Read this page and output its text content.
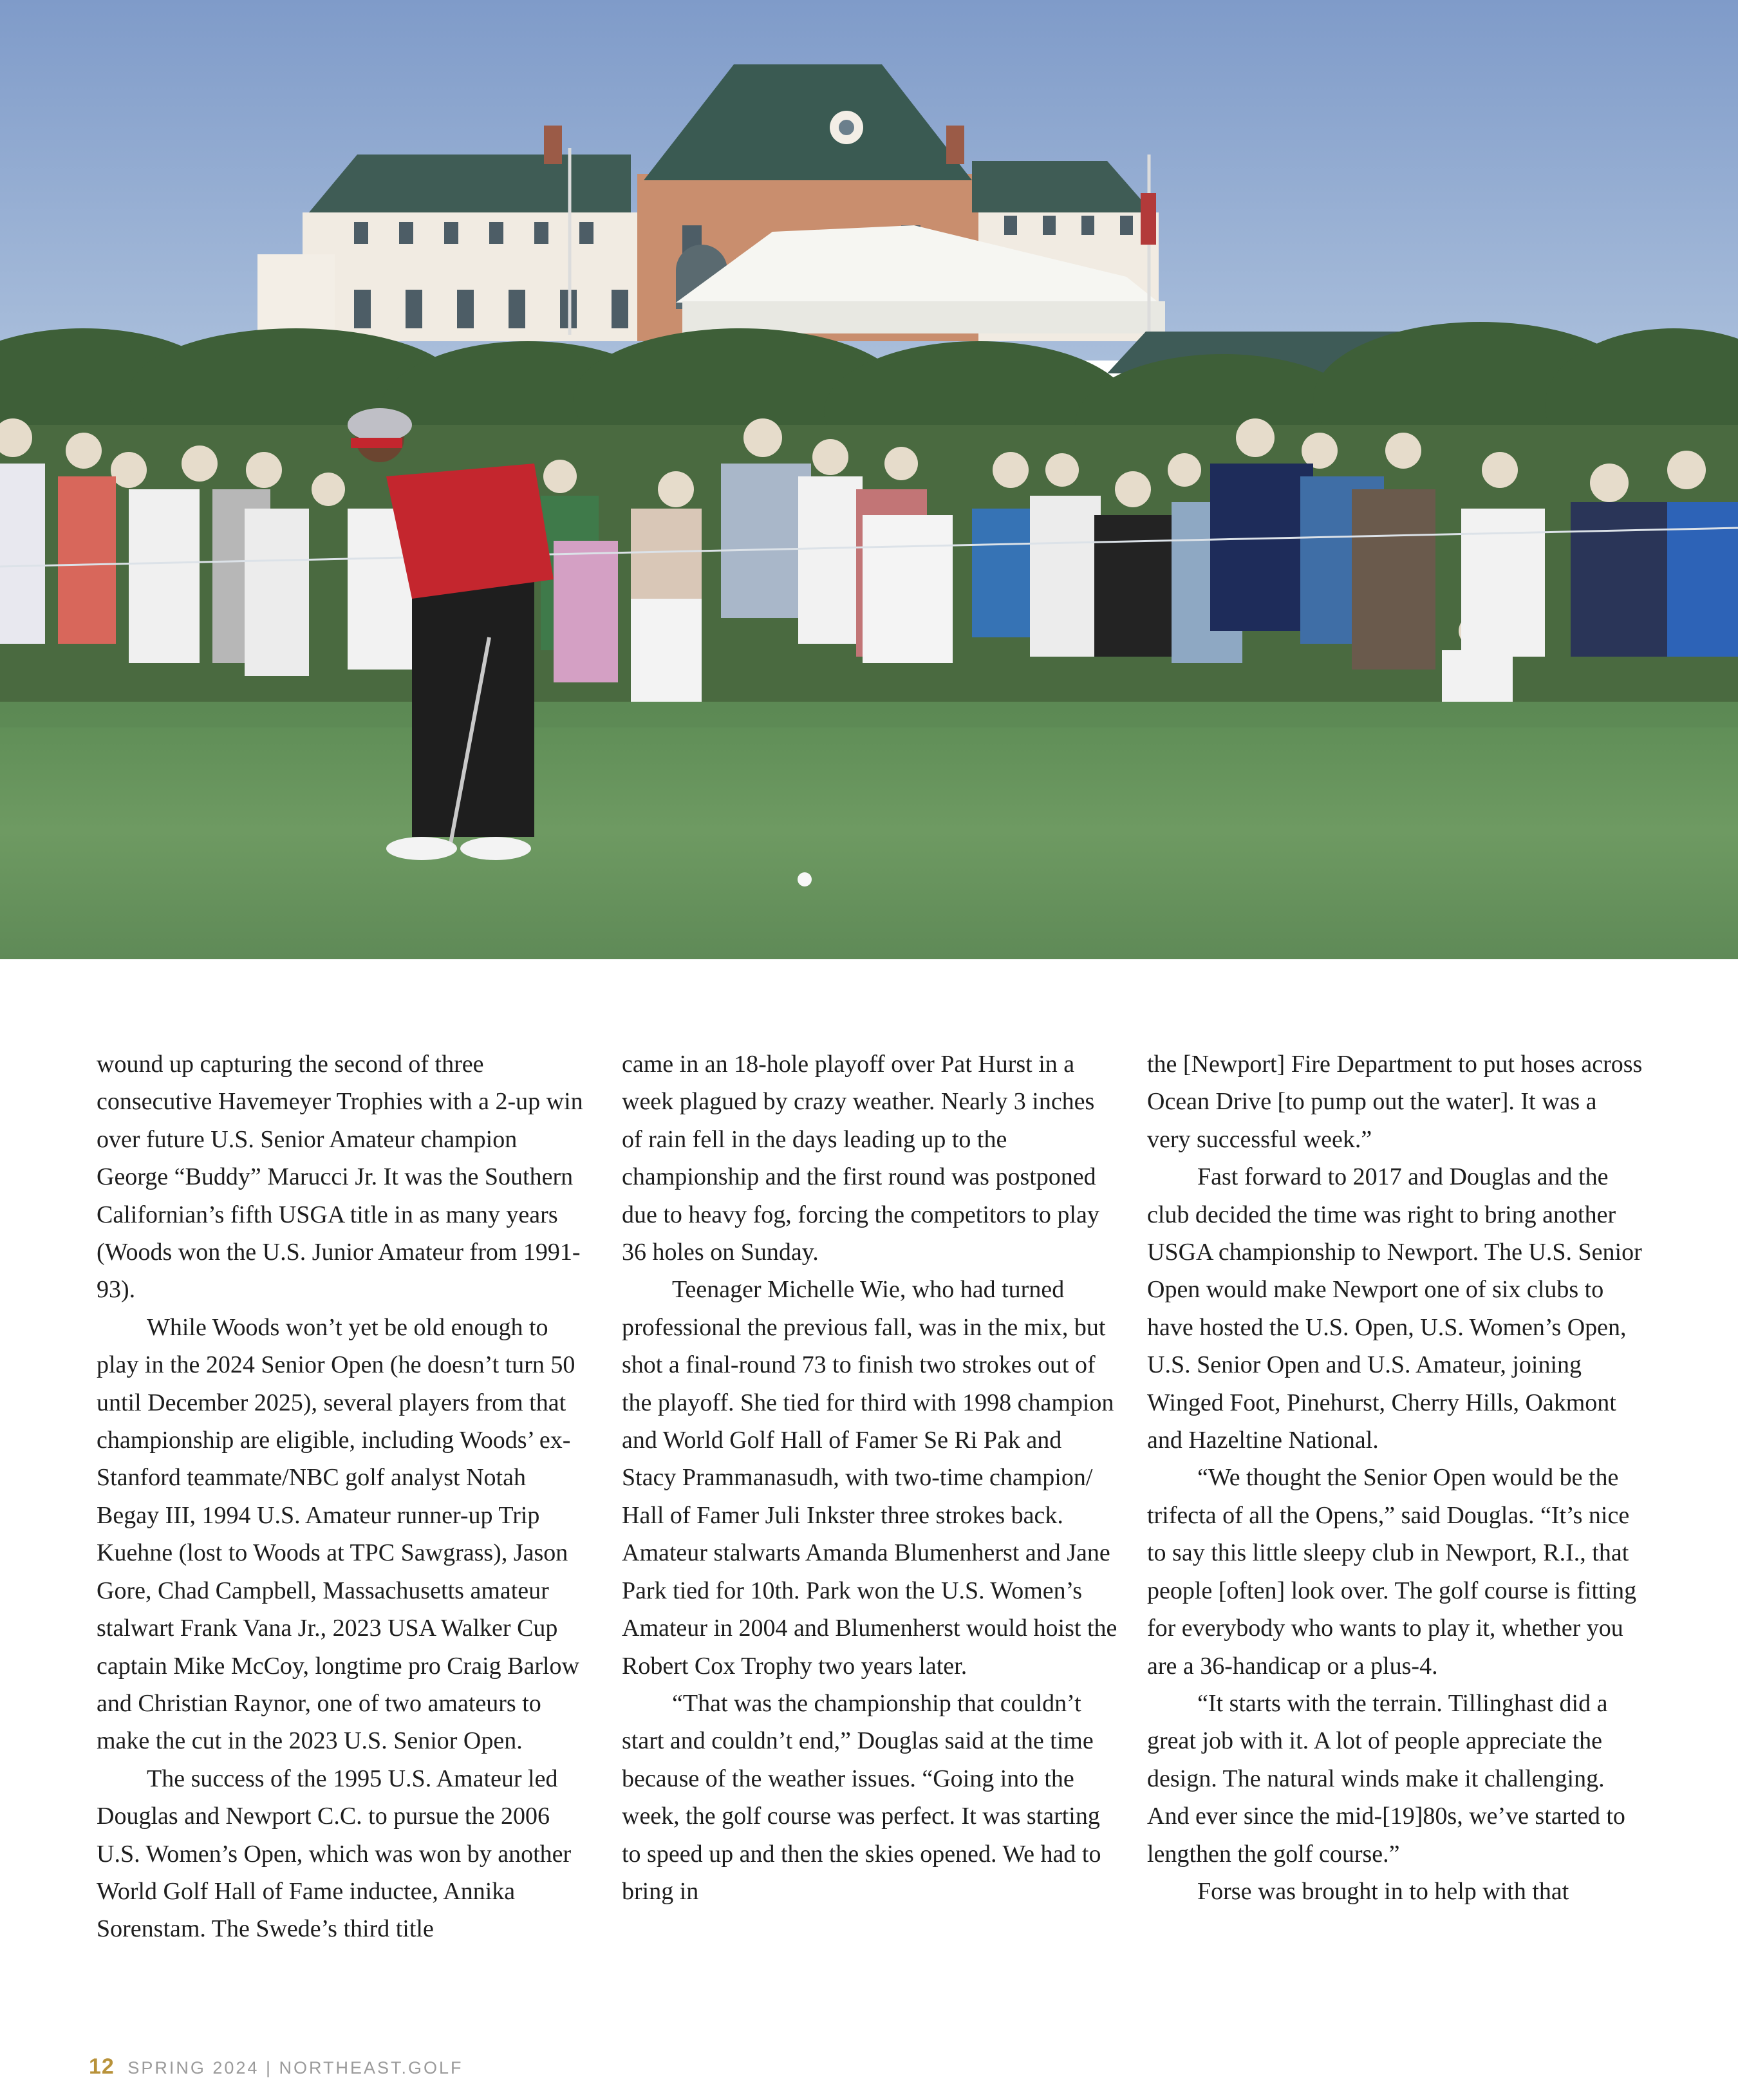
wound up capturing the second of three consecutive Havemeyer Trophies with a 2-up win over future U.S. Senior Amateur champion George “Buddy” Marucci Jr. It was the Southern Californian’s fifth USGA title in as many years (Woods won the U.S. Junior Amateur from 1991-93).

While Woods won’t yet be old enough to play in the 2024 Senior Open (he doesn’t turn 50 until December 2025), several players from that championship are eligible, including Woods’ ex-Stanford teammate/NBC golf analyst Notah Begay III, 1994 U.S. Amateur runner-up Trip Kuehne (lost to Woods at TPC Sawgrass), Jason Gore, Chad Campbell, Massachusetts amateur stalwart Frank Vana Jr., 2023 USA Walker Cup captain Mike McCoy, longtime pro Craig Barlow and Christian Raynor, one of two amateurs to make the cut in the 2023 U.S. Senior Open.

The success of the 1995 U.S. Amateur led Douglas and Newport C.C. to pursue the 2006 U.S. Women’s Open, which was won by another World Golf Hall of Fame inductee, Annika Sorenstam. The Swede’s third title

came in an 18-hole playoff over Pat Hurst in a week plagued by crazy weather. Nearly 3 inches of rain fell in the days leading up to the championship and the first round was postponed due to heavy fog, forcing the competitors to play 36 holes on Sunday.

Teenager Michelle Wie, who had turned professional the previous fall, was in the mix, but shot a final-round 73 to finish two strokes out of the playoff. She tied for third with 1998 champion and World Golf Hall of Famer Se Ri Pak and Stacy Prammanasudh, with two-time champion/ Hall of Famer Juli Inkster three strokes back. Amateur stalwarts Amanda Blumenherst and Jane Park tied for 10th. Park won the U.S. Women’s Amateur in 2004 and Blumenherst would hoist the Robert Cox Trophy two years later.

“That was the championship that couldn’t start and couldn’t end,” Douglas said at the time because of the weather issues. “Going into the week, the golf course was perfect. It was starting to speed up and then the skies opened. We had to bring in

the [Newport] Fire Department to put hoses across Ocean Drive [to pump out the water]. It was a very successful week.”

Fast forward to 2017 and Douglas and the club decided the time was right to bring another USGA championship to Newport. The U.S. Senior Open would make Newport one of six clubs to have hosted the U.S. Open, U.S. Women’s Open, U.S. Senior Open and U.S. Amateur, joining Winged Foot, Pinehurst, Cherry Hills, Oakmont and Hazeltine National.

“We thought the Senior Open would be the trifecta of all the Opens,” said Douglas. “It’s nice to say this little sleepy club in Newport, R.I., that people [often] look over. The golf course is fitting for everybody who wants to play it, whether you are a 36-handicap or a plus-4.

“It starts with the terrain. Tillinghast did a great job with it. A lot of people appreciate the design. The natural winds make it challenging. And ever since the mid-[19]80s, we’ve started to lengthen the golf course.”

Forse was brought in to help with that

12 SPRING 2024 | NORTHEAST.GOLF
